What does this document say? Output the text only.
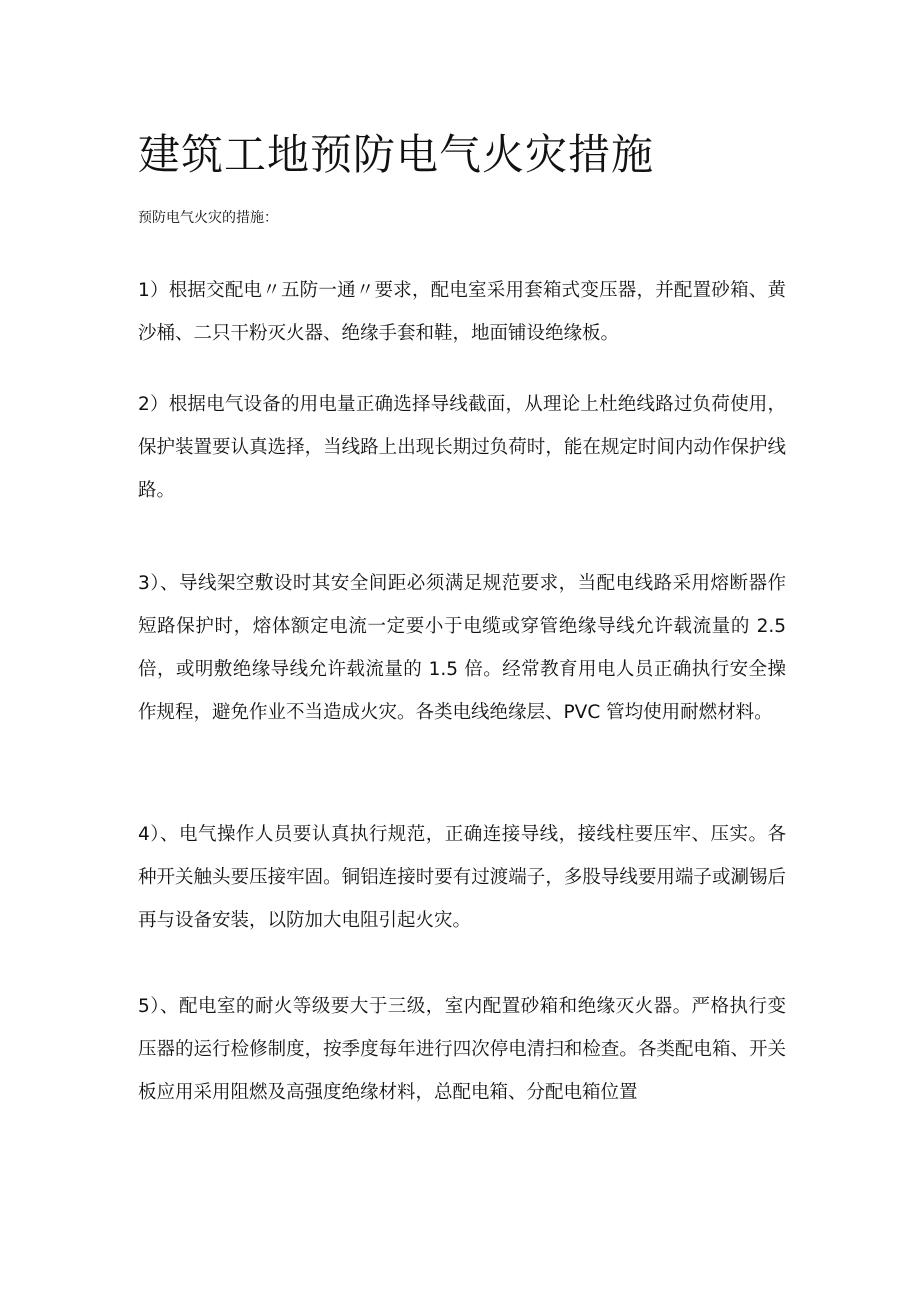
建筑工地预防电气火灾措施

预防电气火灾的措施：

1）根据交配电〃五防一通〃要求，配电室采用套箱式变压器，并配置砂箱、黄沙桶、二只干粉灭火器、绝缘手套和鞋，地面铺设绝缘板。

2）根据电气设备的用电量正确选择导线截面，从理论上杜绝线路过负荷使用，保护装置要认真选择，当线路上出现长期过负荷时，能在规定时间内动作保护线路。

3）、导线架空敷设时其安全间距必须满足规范要求，当配电线路采用熔断器作短路保护时，熔体额定电流一定要小于电缆或穿管绝缘导线允许载流量的 2.5 倍，或明敷绝缘导线允许载流量的 1.5 倍。经常教育用电人员正确执行安全操作规程，避免作业不当造成火灾。各类电线绝缘层、PVC 管均使用耐燃材料。

4）、电气操作人员要认真执行规范，正确连接导线，接线柱要压牢、压实。各种开关触头要压接牢固。铜铝连接时要有过渡端子，多股导线要用端子或涮锡后再与设备安装，以防加大电阻引起火灾。

5）、配电室的耐火等级要大于三级，室内配置砂箱和绝缘灭火器。严格执行变压器的运行检修制度，按季度每年进行四次停电清扫和检查。各类配电箱、开关板应用采用阻燃及高强度绝缘材料，总配电箱、分配电箱位置
